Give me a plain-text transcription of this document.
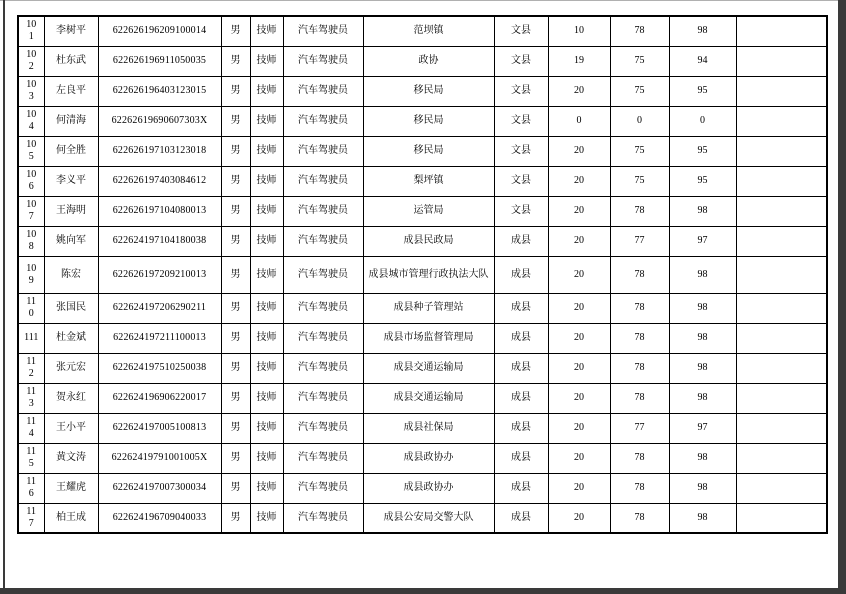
101	李树平	622626196209100014	男	技师	汽车驾驶员	范坝镇	文县	10	78	98	
102	杜东武	622626196911050035	男	技师	汽车驾驶员	政协	文县	19	75	94	
103	左良平	622626196403123015	男	技师	汽车驾驶员	移民局	文县	20	75	95	
104	何清海	62262619690607303X	男	技师	汽车驾驶员	移民局	文县	0	0	0	
105	何全胜	622626197103123018	男	技师	汽车驾驶员	移民局	文县	20	75	95	
106	李义平	622626197403084612	男	技师	汽车驾驶员	梨坪镇	文县	20	75	95	
107	王海明	622626197104080013	男	技师	汽车驾驶员	运管局	文县	20	78	98	
108	姚向军	622624197104180038	男	技师	汽车驾驶员	成县民政局	成县	20	77	97	
109	陈宏	622626197209210013	男	技师	汽车驾驶员	成县城市管理行政执法大队	成县	20	78	98	
110	张国民	622624197206290211	男	技师	汽车驾驶员	成县种子管理站	成县	20	78	98	
111	杜金斌	622624197211100013	男	技师	汽车驾驶员	成县市场监督管理局	成县	20	78	98	
112	张元宏	622624197510250038	男	技师	汽车驾驶员	成县交通运输局	成县	20	78	98	
113	贺永红	622624196906220017	男	技师	汽车驾驶员	成县交通运输局	成县	20	78	98	
114	王小平	622624197005100813	男	技师	汽车驾驶员	成县社保局	成县	20	77	97	
115	黄文涛	62262419791001005X	男	技师	汽车驾驶员	成县政协办	成县	20	78	98	
116	王耀虎	622624197007300034	男	技师	汽车驾驶员	成县政协办	成县	20	78	98	
117	柏王成	622624196709040033	男	技师	汽车驾驶员	成县公安局交警大队	成县	20	78	98	
